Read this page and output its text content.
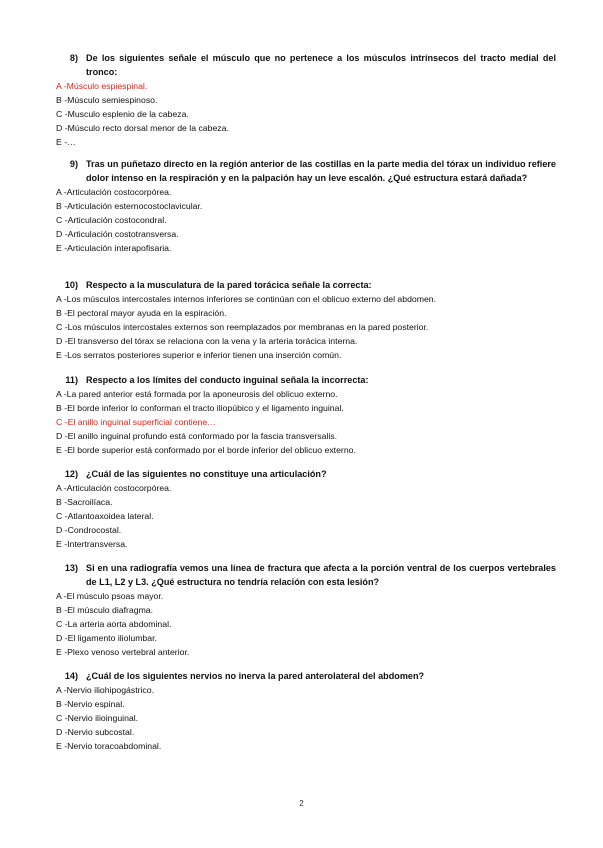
8) De los siguientes señale el músculo que no pertenece a los músculos intrínsecos del tracto medial del tronco:
A - Músculo espiespinal.
B - Músculo semiespinoso.
C - Musculo esplenio de la cabeza.
D - Músculo recto dorsal menor de la cabeza.
E - …
9) Tras un puñetazo directo en la región anterior de las costillas en la parte media del tórax un individuo refiere dolor intenso en la respiración y en la palpación hay un leve escalón. ¿Qué estructura estará dañada?
A - Articulación costocorpórea.
B - Articulación esternocostoclavicular.
C - Articulación costocondral.
D - Articulación costotransversa.
E - Articulación interapofisaria.
10) Respecto a la musculatura de la pared torácica señale la correcta:
A - Los músculos intercostales internos inferiores se continúan con el oblicuo externo del abdomen.
B - El pectoral mayor ayuda en la espiración.
C - Los músculos intercostales externos son reemplazados por membranas en la pared posterior.
D - El transverso del tórax se relaciona con la vena y la arteria torácica interna.
E - Los serratos posteriores superior e inferior tienen una inserción común.
11) Respecto a los límites del conducto inguinal señala la incorrecta:
A - La pared anterior está formada por la aponeurosis del oblicuo externo.
B - El borde inferior lo conforman el tracto iliopúbico y el ligamento inguinal.
C - El anillo inguinal superficial contiene…
D - El anillo inguinal profundo está conformado por la fascia transversalis.
E - El borde superior está conformado por el borde inferior del oblicuo externo.
12) ¿Cuál de las siguientes no constituye una articulación?
A - Articulación costocorpórea.
B - Sacroilíaca.
C - Atlantoaxoidea lateral.
D - Condrocostal.
E - Intertransversa.
13) Si en una radiografía vemos una línea de fractura que afecta a la porción ventral de los cuerpos vertebrales de L1, L2 y L3. ¿Qué estructura no tendría relación con esta lesión?
A - El músculo psoas mayor.
B - El músculo diafragma.
C - La arteria aorta abdominal.
D - El ligamento iliolumbar.
E - Plexo venoso vertebral anterior.
14) ¿Cuál de los siguientes nervios no inerva la pared anterolateral del abdomen?
A - Nervio iliohipogástrico.
B - Nervio espinal.
C - Nervio ilioinguinal.
D - Nervio subcostal.
E - Nervio toracoabdominal.
2
